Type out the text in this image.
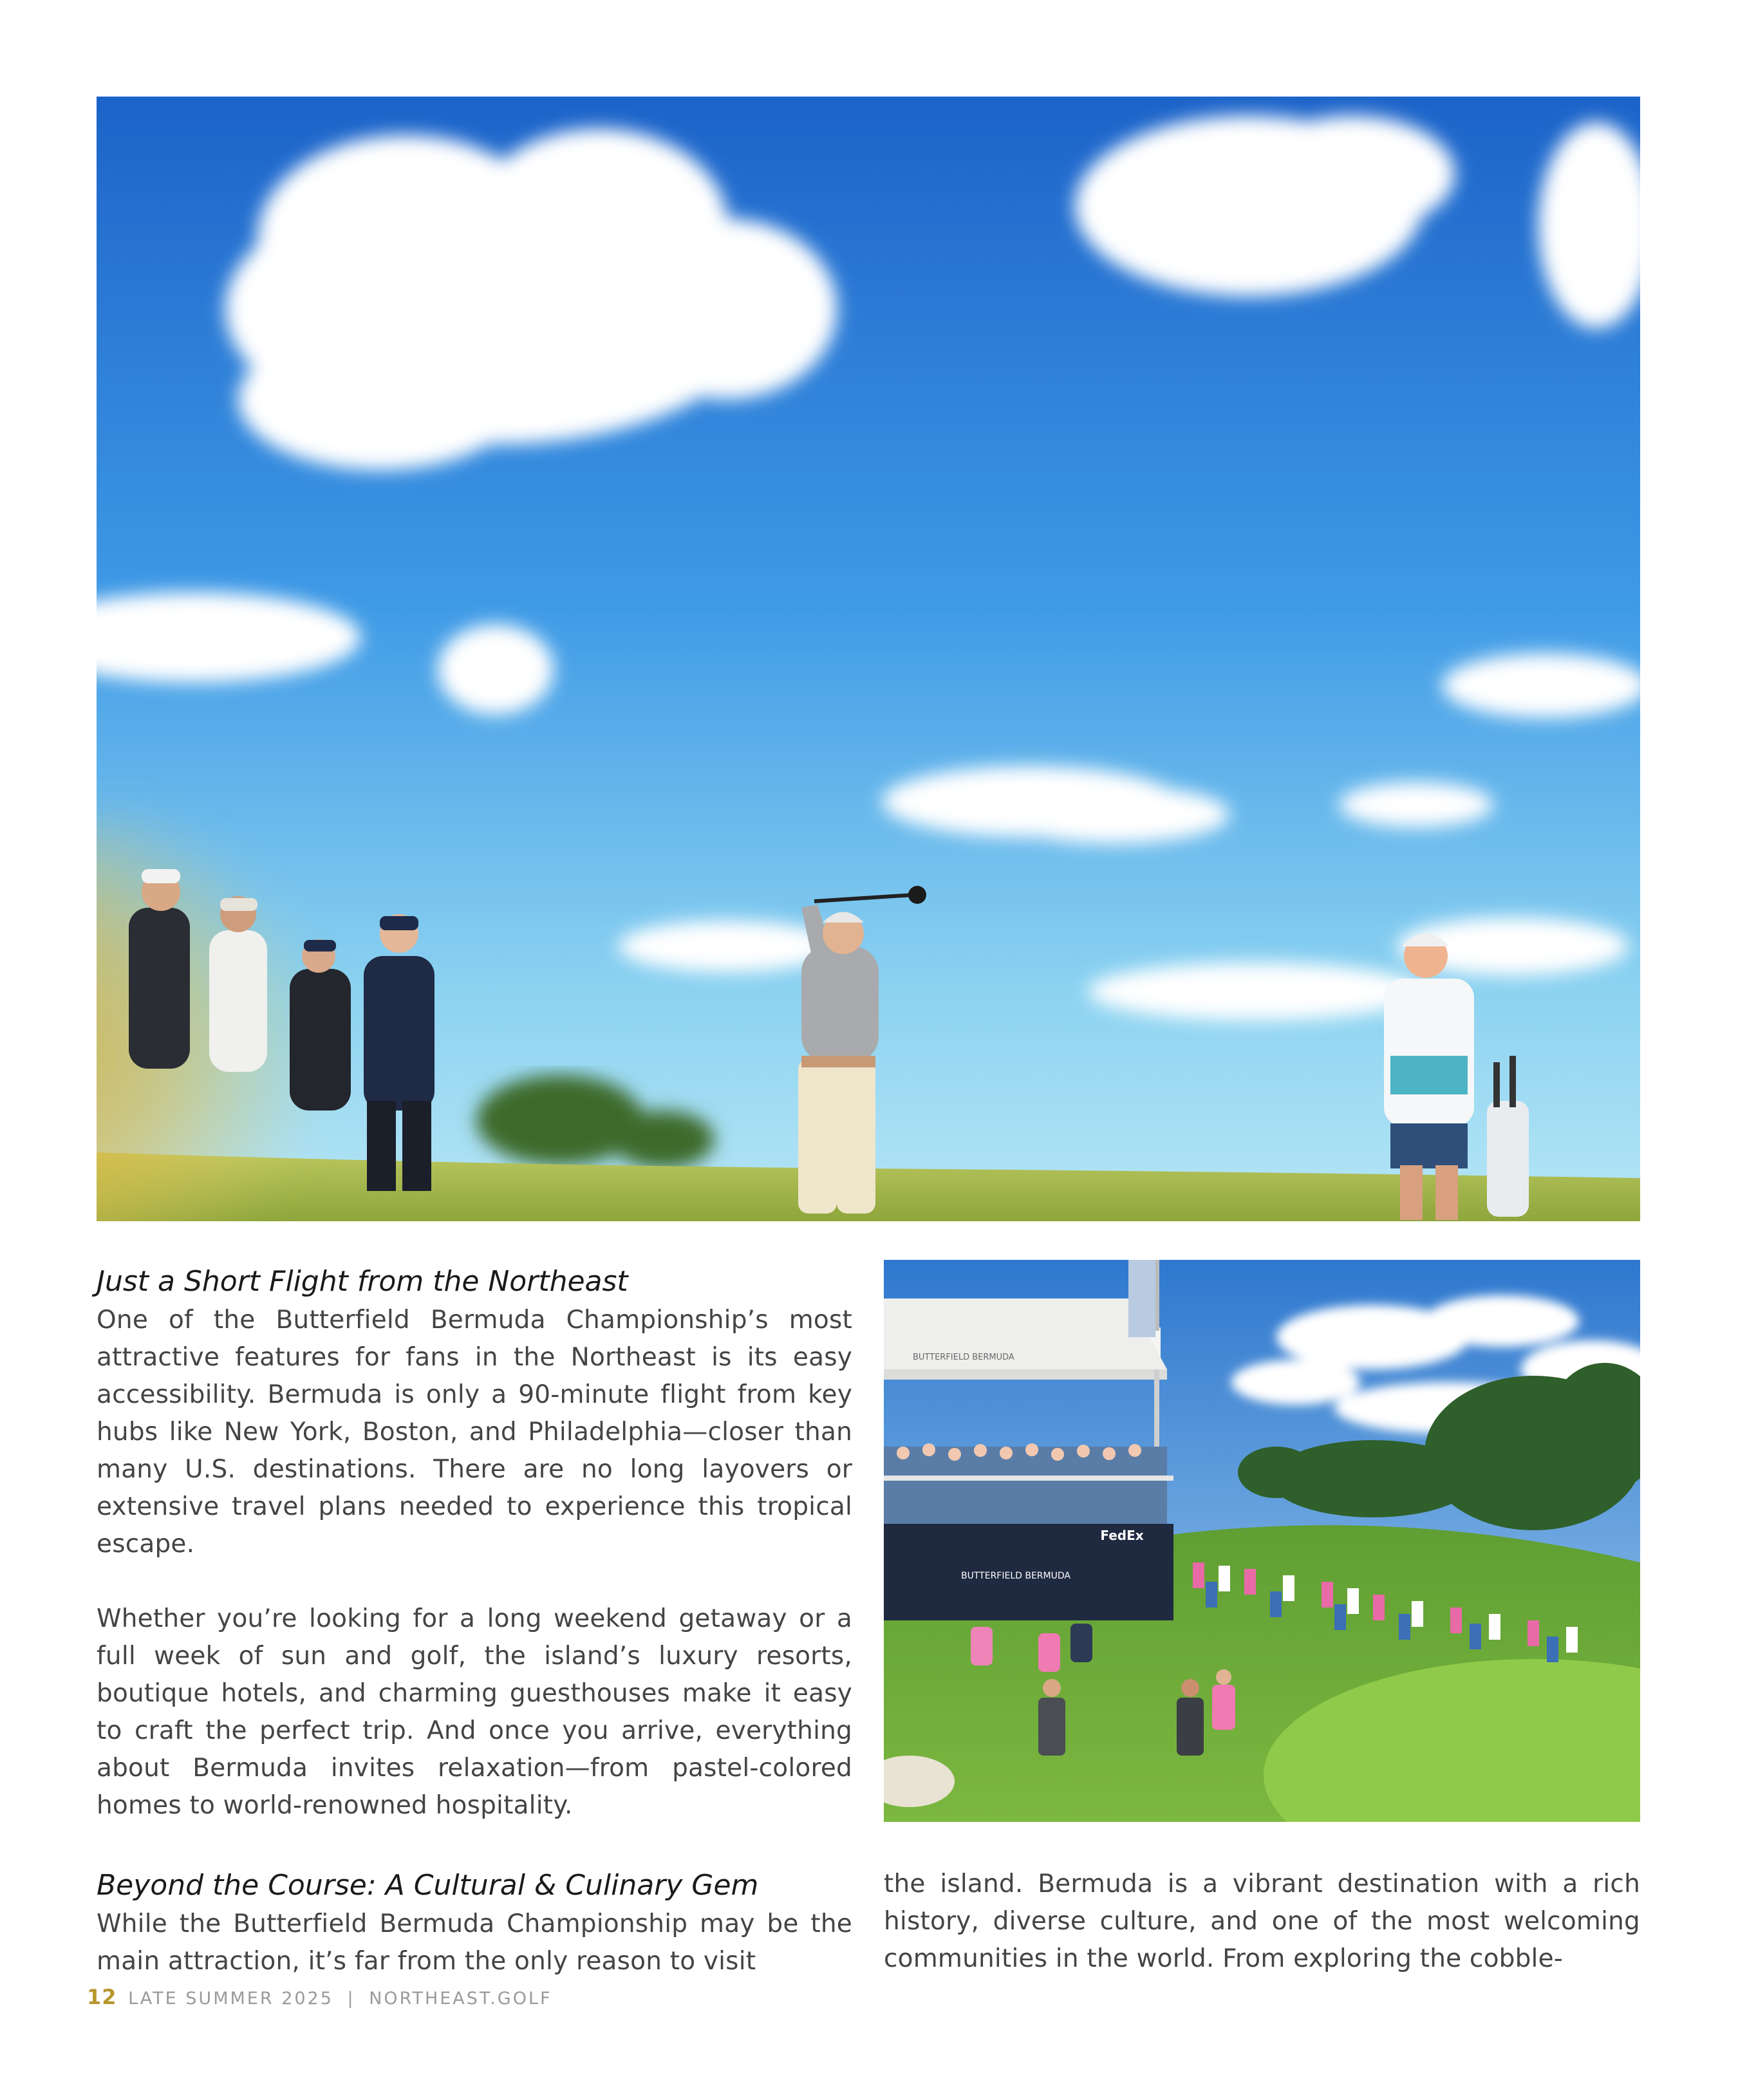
BUTTERFIELD BERMUDA
FedEx
BUTTERFIELD BERMUDA
Just a Short Flight from the Northeast

One of the Butterfield Bermuda Championship’s most attractive features for fans in the Northeast is its easy accessibility. Bermuda is only a 90-minute flight from key hubs like New York, Boston, and Philadelphia—closer than many U.S. destinations. There are no long layovers or extensive travel plans needed to experience this tropical escape.

Whether you’re looking for a long weekend getaway or a full week of sun and golf, the island’s luxury resorts, boutique hotels, and charming guesthouses make it easy to craft the perfect trip. And once you arrive, everything about Bermuda invites relaxation—from pastel-colored homes to world-renowned hospitality.

Beyond the Course: A Cultural & Culinary Gem

While the Butterfield Bermuda Championship may be the main attraction, it’s far from the only reason to visit

the island. Bermuda is a vibrant destination with a rich history, diverse culture, and one of the most welcoming communities in the world. From exploring the cobble-

12 LATE SUMMER 2025 | NORTHEAST.GOLF
